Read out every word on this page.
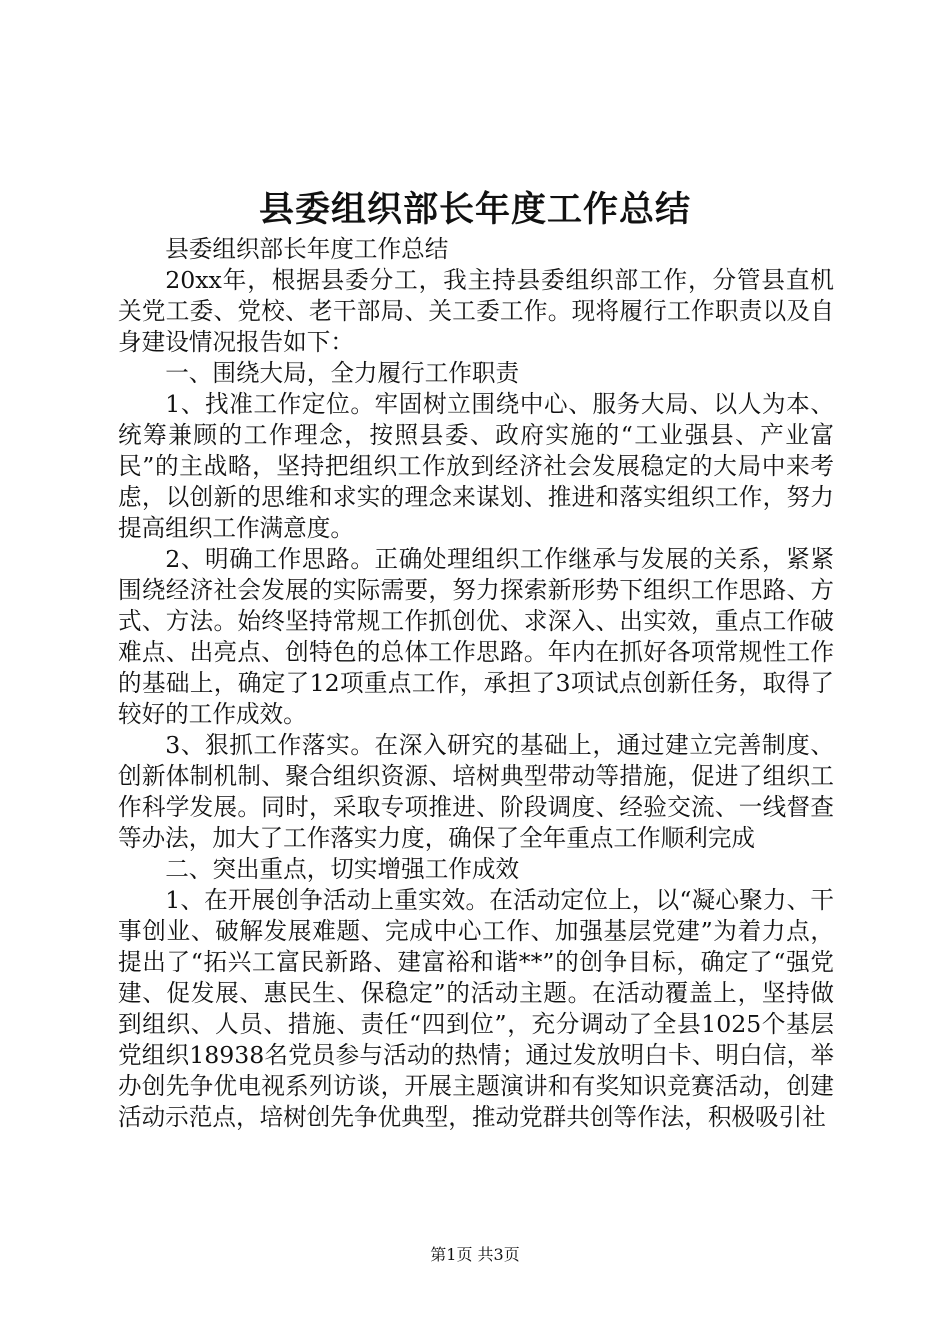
县委组织部长年度工作总结

县委组织部长年度工作总结

20xx年，根据县委分工，我主持县委组织部工作，分管县直机关党工委、党校、老干部局、关工委工作。现将履行工作职责以及自身建设情况报告如下：

一、围绕大局，全力履行工作职责

1、找准工作定位。牢固树立围绕中心、服务大局、以人为本、统筹兼顾的工作理念，按照县委、政府实施的“工业强县、产业富民”的主战略，坚持把组织工作放到经济社会发展稳定的大局中来考虑，以创新的思维和求实的理念来谋划、推进和落实组织工作，努力提高组织工作满意度。

2、明确工作思路。正确处理组织工作继承与发展的关系，紧紧围绕经济社会发展的实际需要，努力探索新形势下组织工作思路、方式、方法。始终坚持常规工作抓创优、求深入、出实效，重点工作破难点、出亮点、创特色的总体工作思路。年内在抓好各项常规性工作的基础上，确定了12项重点工作，承担了3项试点创新任务，取得了较好的工作成效。

3、狠抓工作落实。在深入研究的基础上，通过建立完善制度、创新体制机制、聚合组织资源、培树典型带动等措施，促进了组织工作科学发展。同时，采取专项推进、阶段调度、经验交流、一线督查等办法，加大了工作落实力度，确保了全年重点工作顺利完成

二、突出重点，切实增强工作成效

1、在开展创争活动上重实效。在活动定位上，以“凝心聚力、干事创业、破解发展难题、完成中心工作、加强基层党建”为着力点，提出了“拓兴工富民新路、建富裕和谐**”的创争目标，确定了“强党建、促发展、惠民生、保稳定”的活动主题。在活动覆盖上，坚持做到组织、人员、措施、责任“四到位”，充分调动了全县1025个基层党组织18938名党员参与活动的热情；通过发放明白卡、明白信，举办创先争优电视系列访谈，开展主题演讲和有奖知识竞赛活动，创建活动示范点，培树创先争优典型，推动党群共创等作法，积极吸引社

第1页 共3页
